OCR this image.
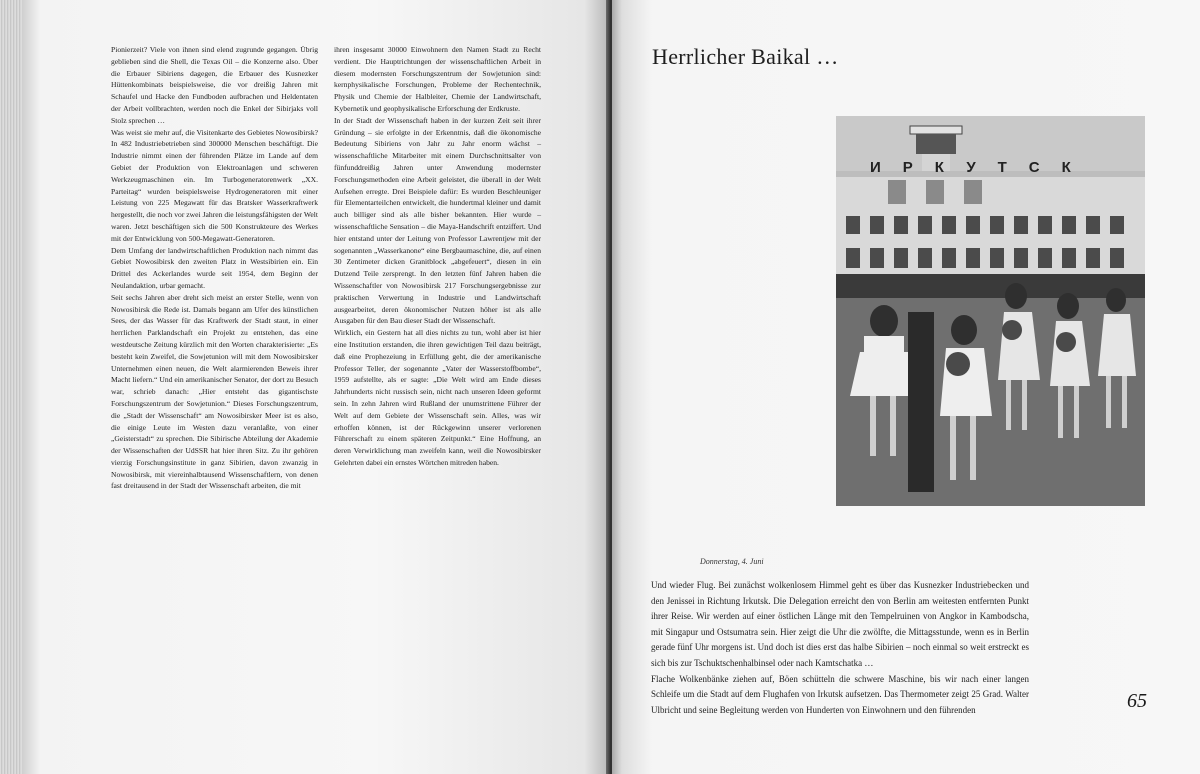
Pionierzeit? Viele von ihnen sind elend zugrunde gegangen. Übrig geblieben sind die Shell, die Texas Oil – die Konzerne also. Über die Erbauer Sibiriens dagegen, die Erbauer des Kusnezker Hüttenkombinats beispielsweise, die vor dreißig Jahren mit Schaufel und Hacke den Fundboden aufbrachen und Heldentaten der Arbeit vollbrachten, werden noch die Enkel der Sibirjaks voll Stolz sprechen …

Was weist sie mehr auf, die Visitenkarte des Gebietes Nowosibirsk? In 482 Industriebetrieben sind 300000 Menschen beschäftigt. Die Industrie nimmt einen der führenden Plätze im Lande auf dem Gebiet der Produktion von Elektroanlagen und schweren Werkzeugmaschinen ein. Im Turbogeneratorenwerk „XX. Parteitag“ wurden beispielsweise Hydrogeneratoren mit einer Leistung von 225 Megawatt für das Bratsker Wasserkraftwerk hergestellt, die noch vor zwei Jahren die leistungsfähigsten der Welt waren. Jetzt beschäftigen sich die 500 Konstrukteure des Werkes mit der Entwicklung von 500-Megawatt-Generatoren.

Dem Umfang der landwirtschaftlichen Produktion nach nimmt das Gebiet Nowosibirsk den zweiten Platz in Westsibirien ein. Ein Drittel des Ackerlandes wurde seit 1954, dem Beginn der Neulandaktion, urbar gemacht.

Seit sechs Jahren aber dreht sich meist an erster Stelle, wenn von Nowosibirsk die Rede ist. Damals begann am Ufer des künstlichen Sees, der das Wasser für das Kraftwerk der Stadt staut, in einer herrlichen Parklandschaft ein Projekt zu entstehen, das eine westdeutsche Zeitung kürzlich mit den Worten charakterisierte: „Es besteht kein Zweifel, die Sowjetunion will mit dem Nowosibirsker Unternehmen einen neuen, die Welt alarmierenden Beweis ihrer Macht liefern.“ Und ein amerikanischer Senator, der dort zu Besuch war, schrieb danach: „Hier entsteht das gigantischste Forschungszentrum der Sowjetunion.“ Dieses Forschungszentrum, die „Stadt der Wissenschaft“ am Nowosibirsker Meer ist es also, die einige Leute im Westen dazu veranlaßte, von einer „Geisterstadt“ zu sprechen. Die Sibirische Abteilung der Akademie der Wissenschaften der UdSSR hat hier ihren Sitz. Zu ihr gehören vierzig Forschungsinstitute in ganz Sibirien, davon zwanzig in Nowosibirsk, mit viereinhalbtausend Wissenschaftlern, von denen fast dreitausend in der Stadt der Wissenschaft arbeiten, die mit

ihren insgesamt 30000 Einwohnern den Namen Stadt zu Recht verdient. Die Hauptrichtungen der wissenschaftlichen Arbeit in diesem modernsten Forschungszentrum der Sowjetunion sind: kernphysikalische Forschungen, Probleme der Rechentechnik, Physik und Chemie der Halbleiter, Chemie der Landwirtschaft, Kybernetik und geophysikalische Erforschung der Erdkruste.

In der Stadt der Wissenschaft haben in der kurzen Zeit seit ihrer Gründung – sie erfolgte in der Erkenntnis, daß die ökonomische Bedeutung Sibiriens von Jahr zu Jahr enorm wächst – wissenschaftliche Mitarbeiter mit einem Durchschnittsalter von fünfunddreißig Jahren unter Anwendung modernster Forschungsmethoden eine Arbeit geleistet, die überall in der Welt Aufsehen erregte. Drei Beispiele dafür: Es wurden Beschleuniger für Elementarteilchen entwickelt, die hundertmal kleiner und damit auch billiger sind als alle bisher bekannten. Hier wurde – wissenschaftliche Sensation – die Maya-Handschrift entziffert. Und hier entstand unter der Leitung von Professor Lawrentjew mit der sogenannten „Wasserkanone“ eine Bergbaumaschine, die, auf einen 30 Zentimeter dicken Granitblock „abgefeuert“, diesen in ein Dutzend Teile zersprengt. In den letzten fünf Jahren haben die Wissenschaftler von Nowosibirsk 217 Forschungsergebnisse zur praktischen Verwertung in Industrie und Landwirtschaft ausgearbeitet, deren ökonomischer Nutzen höher ist als alle Ausgaben für den Bau dieser Stadt der Wissenschaft.

Wirklich, ein Gestern hat all dies nichts zu tun, wohl aber ist hier eine Institution erstanden, die ihren gewichtigen Teil dazu beiträgt, daß eine Prophezeiung in Erfüllung geht, die der amerikanische Professor Teller, der sogenannte „Vater der Wasserstoffbombe“, 1959 aufstellte, als er sagte: „Die Welt wird am Ende dieses Jahrhunderts nicht russisch sein, nicht nach unseren Ideen geformt sein. In zehn Jahren wird Rußland der unumstrittene Führer der Welt auf dem Gebiete der Wissenschaft sein. Alles, was wir erhoffen können, ist der Rückgewinn unserer verlorenen Führerschaft zu einem späteren Zeitpunkt.“ Eine Hoffnung, an deren Verwirklichung man zweifeln kann, weil die Nowosibirsker Gelehrten dabei ein ernstes Wörtchen mitreden haben.

Herrlicher Baikal …
ИРКУТСК
Donnerstag, 4. Juni

Und wieder Flug. Bei zunächst wolkenlosem Himmel geht es über das Kusnezker Industriebecken und den Jenissei in Richtung Irkutsk. Die Delegation erreicht den von Berlin am weitesten entfernten Punkt ihrer Reise. Wir werden auf einer östlichen Länge mit den Tempelruinen von Angkor in Kambodscha, mit Singapur und Ostsumatra sein. Hier zeigt die Uhr die zwölfte, die Mittagsstunde, wenn es in Berlin gerade fünf Uhr morgens ist. Und doch ist dies erst das halbe Sibirien – noch einmal so weit erstreckt es sich bis zur Tschuktschenhalbinsel oder nach Kamtschatka …

Flache Wolkenbänke ziehen auf, Böen schütteln die schwere Maschine, bis wir nach einer langen Schleife um die Stadt auf dem Flughafen von Irkutsk aufsetzen. Das Thermometer zeigt 25 Grad. Walter Ulbricht und seine Begleitung werden von Hunderten von Einwohnern und den führenden	65
